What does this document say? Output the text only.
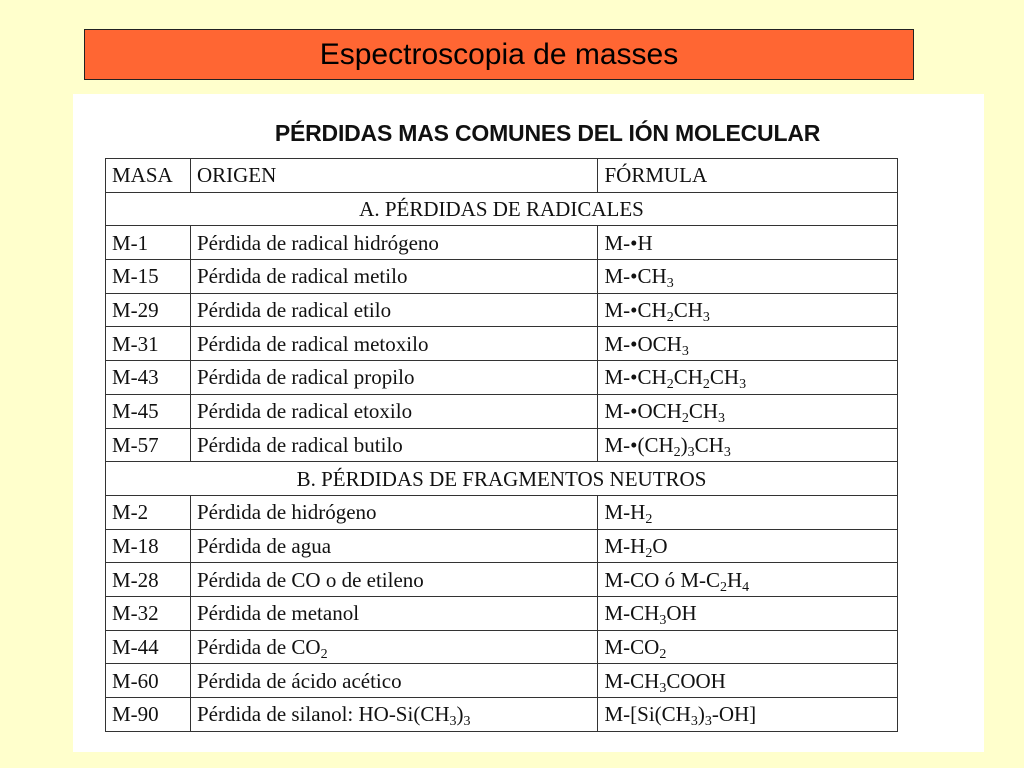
Espectroscopia de masses
PÉRDIDAS MAS COMUNES DEL IÓN MOLECULAR
MASA	ORIGEN	FÓRMULA
A. PÉRDIDAS DE RADICALES		
M-1	Pérdida de radical hidrógeno	M-•H
M-15	Pérdida de radical metilo	$M-•CH_3$
M-29	Pérdida de radical etilo	$M-•CH_2CH_3$
M-31	Pérdida de radical metoxilo	$M-•OCH_3$
M-43	Pérdida de radical propilo	$M-•CH_2CH_2CH_3$
M-45	Pérdida de radical etoxilo	$M-•OCH_2CH_3$
M-57	Pérdida de radical butilo	$M-•(CH_2)_3CH_3$
B. PÉRDIDAS DE FRAGMENTOS NEUTROS		
M-2	Pérdida de hidrógeno	$M-H_2$
M-18	Pérdida de agua	$M-H_2O$
M-28	Pérdida de CO o de etileno	M-CO ó $M-C_2H_4$
M-32	Pérdida de metanol	$M-CH_3OH$
M-44	Pérdida de $CO_2$	$M-CO_2$
M-60	Pérdida de ácido acético	$M-CH_3COOH$
M-90	Pérdida de silanol: $HO-Si(CH_3)_3$	$M-[Si(CH_3)_3-OH]$
